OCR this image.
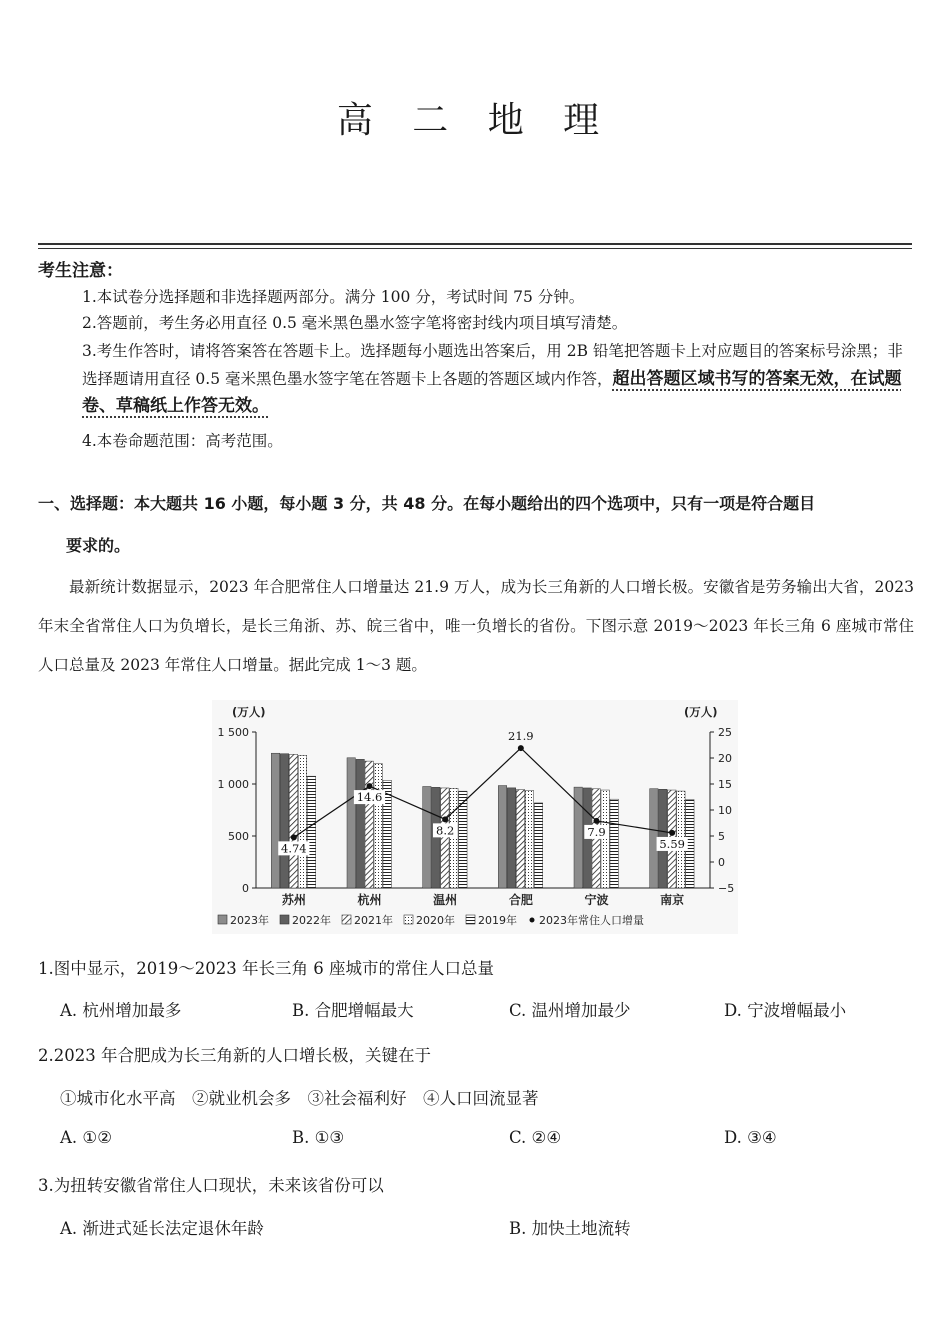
高 二 地 理
考生注意：
1.本试卷分选择题和非选择题两部分。满分 100 分，考试时间 75 分钟。
2.答题前，考生务必用直径 0.5 毫米黑色墨水签字笔将密封线内项目填写清楚。
3.考生作答时，请将答案答在答题卡上。选择题每小题选出答案后，用 2B 铅笔把答题卡上对应题目的答案标号涂黑；非选择题请用直径 0.5 毫米黑色墨水签字笔在答题卡上各题的答题区域内作答，超出答题区域书写的答案无效，在试题卷、草稿纸上作答无效。
4.本卷命题范围：高考范围。
一、选择题：本大题共 16 小题，每小题 3 分，共 48 分。在每小题给出的四个选项中，只有一项是符合题目
要求的。
最新统计数据显示，2023 年合肥常住人口增量达 21.9 万人，成为长三角新的人口增长极。安徽省是劳务输出大省，2023 年末全省常住人口为负增长，是长三角浙、苏、皖三省中，唯一负增长的省份。下图示意 2019～2023 年长三角 6 座城市常住人口总量及 2023 年常住人口增量。据此完成 1～3 题。
1 500
1 000
500
0
25
20
15
10
5
0
−5
(万人)	(万人)
苏州	杭州	温州	合肥	宁波	南京
4.74
14.6
8.2
21.9
7.9
5.59
2023年 2022年 2021年 2020年 2019年 2023年常住人口增量
1.图中显示，2019～2023 年长三角 6 座城市的常住人口总量
A. 杭州增加最多	B. 合肥增幅最大	C. 温州增加最少	D. 宁波增幅最小
2.2023 年合肥成为长三角新的人口增长极，关键在于
①城市化水平高　②就业机会多　③社会福利好　④人口回流显著
A. ①②	B. ①③	C. ②④	D. ③④
3.为扭转安徽省常住人口现状，未来该省份可以
A. 渐进式延长法定退休年龄	B. 加快土地流转
